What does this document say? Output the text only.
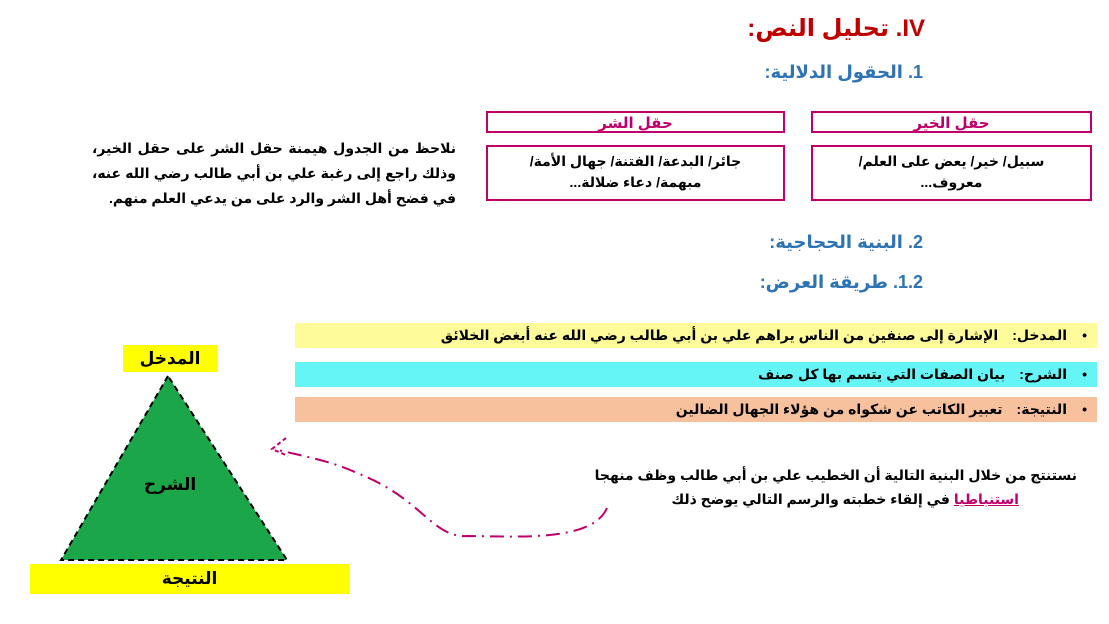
IV. تحليل النص:
1. الحقول الدلالية:
حقل الخير
سبيل/ خير/ يعض على العلم/
معروف...
حقل الشر
جائر/ البدعة/ الفتنة/ جهال الأمة/
مبهمة/ دعاء ضلالة...
نلاحظ من الجدول هيمنة حقل الشر على حقل الخير، وذلك راجع إلى رغبة علي بن أبي طالب رضي الله عنه، في فضح أهل الشر والرد على من يدعي العلم منهم.
2. البنية الحجاجية:
1.2. طريقة العرض:
•المدخل:الإشارة إلى صنفين من الناس يراهم علي بن أبي طالب رضي الله عنه أبغض الخلائق
•الشرح:بيان الصفات التي يتسم بها كل صنف
•النتيجة:تعبير الكاتب عن شكواه من هؤلاء الجهال الضالين
نستنتج من خلال البنية التالية أن الخطيب علي بن أبي طالب وظف منهجا
استنباطيا في إلقاء خطبته والرسم التالي يوضح ذلك
المدخل
الشرح
النتيجة
